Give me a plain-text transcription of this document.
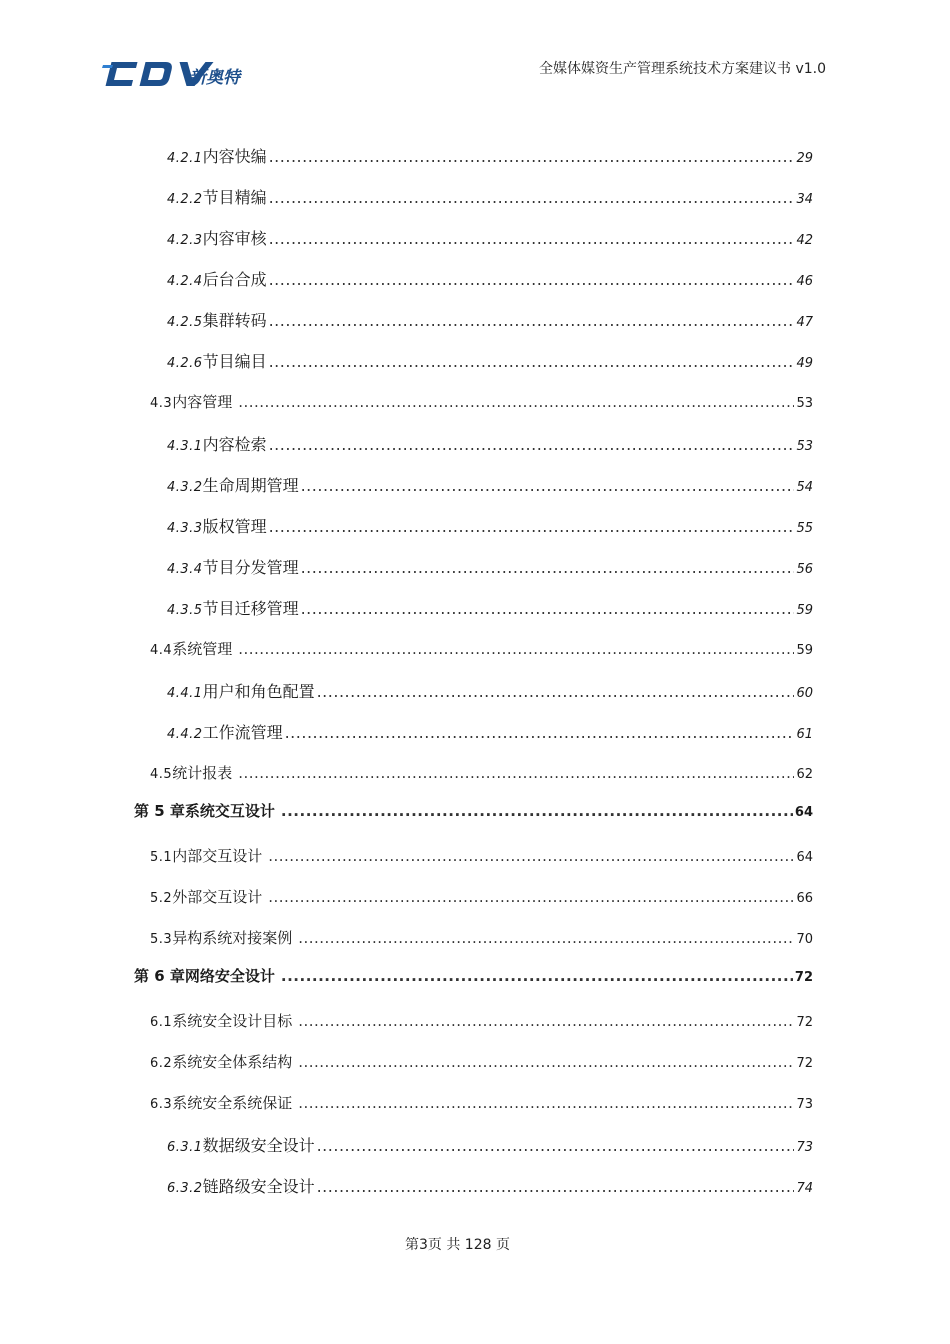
新奥特	全媒体媒资生产管理系统技术方案建议书 v1.0
4.2.1 内容快编 .....	29
4.2.2 节目精编 .....	34
4.2.3 内容审核 .....	42
4.2.4 后台合成 .....	46
4.2.5 集群转码 .....	47
4.2.6 节目编目 .....	49
4.3 内容管理 .....	53
4.3.1 内容检索 .....	53
4.3.2 生命周期管理 .....	54
4.3.3 版权管理 .....	55
4.3.4 节目分发管理 .....	56
4.3.5 节目迁移管理 .....	59
4.4 系统管理 .....	59
4.4.1 用户和角色配置 .....	60
4.4.2 工作流管理 .....	61
4.5 统计报表 .....	62
第 5 章 系统交互设计 .....	64
5.1 内部交互设计 .....	64
5.2 外部交互设计 .....	66
5.3 异构系统对接案例 .....	70
第 6 章 网络安全设计 .....	72
6.1 系统安全设计目标 .....	72
6.2 系统安全体系结构 .....	72
6.3 系统安全系统保证 .....	73
6.3.1 数据级安全设计 .....	73
6.3.2 链路级安全设计 .....	74
第3页 共 128 页
